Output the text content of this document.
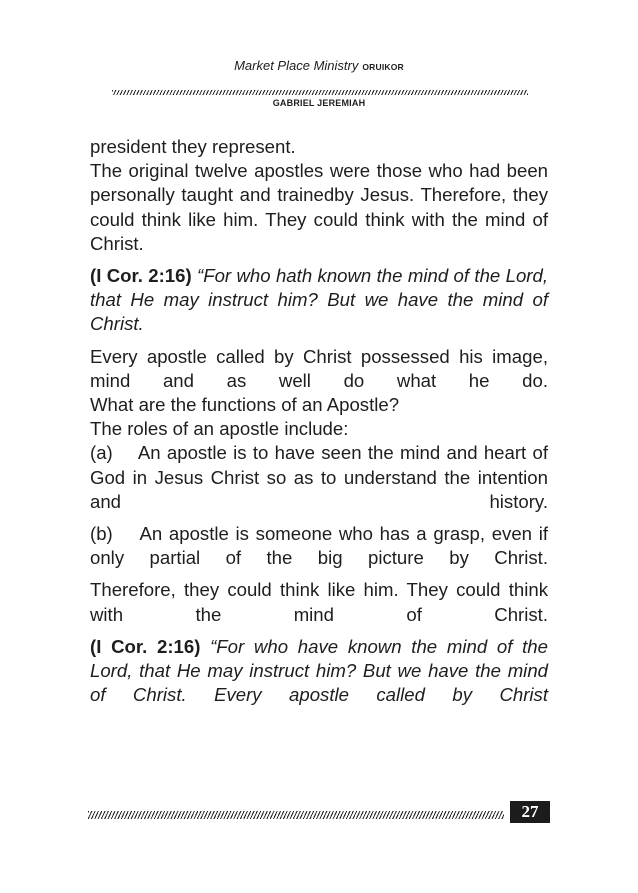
Market Place Ministry ORUIKOR
GABRIEL JEREMIAH

president they represent.

The original twelve apostles were those who had been personally taught and trainedby Jesus. Therefore, they could think like him. They could think with the mind of Christ.

(I Cor. 2:16) “For who hath known the mind of the Lord, that He may instruct him? But we have the mind of Christ.

Every apostle called by Christ possessed his image, mind and as well do what he do.

What are the functions of an Apostle?

The roles of an apostle include:

(a) An apostle is to have seen the mind and heart of God in Jesus Christ so as to understand the intention and history.

(b) An apostle is someone who has a grasp, even if only partial of the big picture by Christ.

Therefore, they could think like him. They could think with the mind of Christ.

(I Cor. 2:16) “For who have known the mind of the Lord, that He may instruct him? But we have the mind of Christ. Every apostle called by Christ

27
